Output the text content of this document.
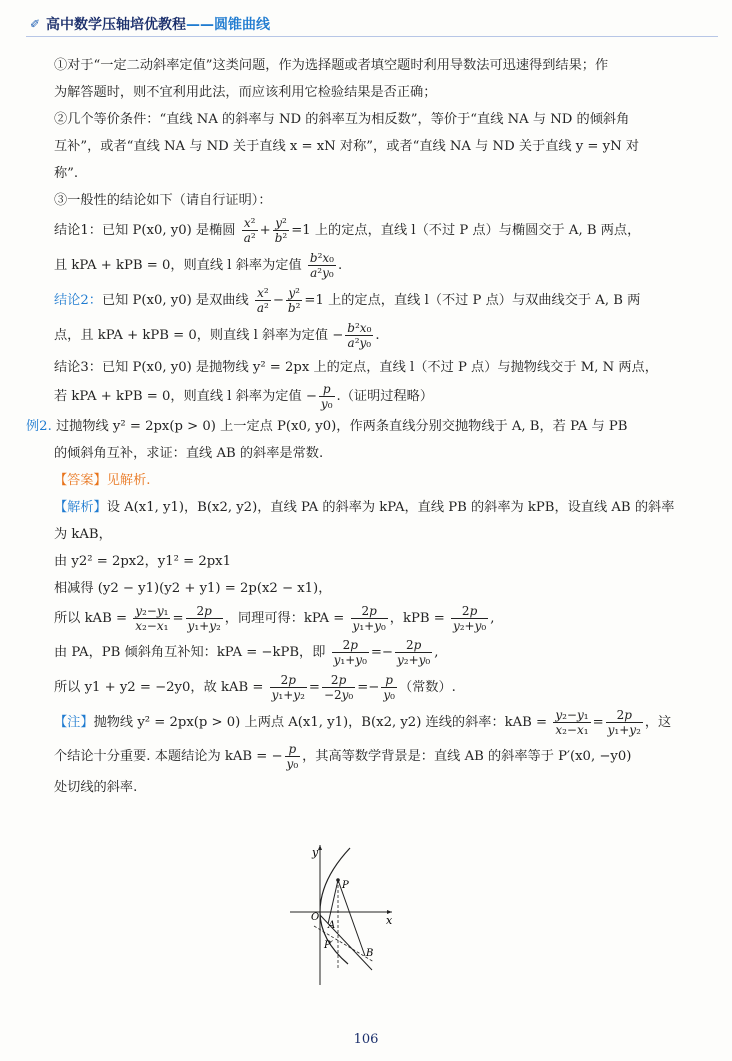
✐ 高中数学压轴培优教程——圆锥曲线
①对于“一定二动斜率定值”这类问题，作为选择题或者填空题时利用导数法可迅速得到结果；作
为解答题时，则不宜利用此法，而应该利用它检验结果是否正确；
②几个等价条件：“直线 NA 的斜率与 ND 的斜率互为相反数”，等价于“直线 NA 与 ND 的倾斜角
互补”，或者“直线 NA 与 ND 关于直线 x = xN 对称”，或者“直线 NA 与 ND 关于直线 y = yN 对
称”.
③一般性的结论如下（请自行证明）：
结论1：已知 P(x0, y0) 是椭圆 $\frac{\text{x²}}{\text{a²}} + \frac{\text{y²}}{\text{b²}} =1$ 上的定点，直线 l（不过 P 点）与椭圆交于 A, B 两点，
且 kPA + kPB = 0，则直线 l 斜率为定值 $\frac{\text{b²x₀}}{\text{a²y₀}}$ .
结论2：已知 P(x0, y0) 是双曲线 $\frac{\text{x²}}{\text{a²}} - \frac{\text{y²}}{\text{b²}} =1$ 上的定点，直线 l（不过 P 点）与双曲线交于 A, B 两
点，且 kPA + kPB = 0，则直线 l 斜率为定值 − $\frac{\text{b²x₀}}{\text{a²y₀}}$ .
结论3：已知 P(x0, y0) 是抛物线 y² = 2px 上的定点，直线 l（不过 P 点）与抛物线交于 M, N 两点，
若 kPA + kPB = 0，则直线 l 斜率为定值 − $\frac{p}{\text{y₀}}$ .（证明过程略）
例2. 过抛物线 y² = 2px(p > 0) 上一定点 P(x0, y0)，作两条直线分别交抛物线于 A, B，若 PA 与 PB
的倾斜角互补，求证：直线 AB 的斜率是常数.
【答案】见解析.
【解析】设 A(x1, y1)，B(x2, y2)，直线 PA 的斜率为 kPA，直线 PB 的斜率为 kPB，设直线 AB 的斜率
为 kAB，
由 y2² = 2px2，y1² = 2px1
相减得 (y2 − y1)(y2 + y1) = 2p(x2 − x1)，
所以 kAB = $\frac{\text{y₂−y₁}}{\text{x₂−x₁}} = \frac{2p}{\text{y₁+y₂}}$ ，同理可得：kPA = $\frac{2p}{\text{y₁+y₀}}$ ，kPB = $\frac{2p}{\text{y₂+y₀}}$ ,
由 PA，PB 倾斜角互补知：kPA = −kPB，即 $\frac{2p}{\text{y₁+y₀}} =- \frac{2p}{\text{y₂+y₀}}$ ,
所以 y1 + y2 = −2y0，故 kAB = $\frac{2p}{\text{y₁+y₂}} = \frac{2p}{\text{−2y₀}} =- \frac{p}{\text{y₀}}$ （常数）.
【注】抛物线 y² = 2px(p > 0) 上两点 A(x1, y1)，B(x2, y2) 连线的斜率：kAB = $\frac{\text{y₂−y₁}}{\text{x₂−x₁}} = \frac{2p}{\text{y₁+y₂}}$ ，这
个结论十分重要. 本题结论为 kAB = − $\frac{p}{\text{y₀}}$ ，其高等数学背景是：直线 AB 的斜率等于 P′(x0, −y0)
处切线的斜率.
y
x
O
P
A
B
P′
106
